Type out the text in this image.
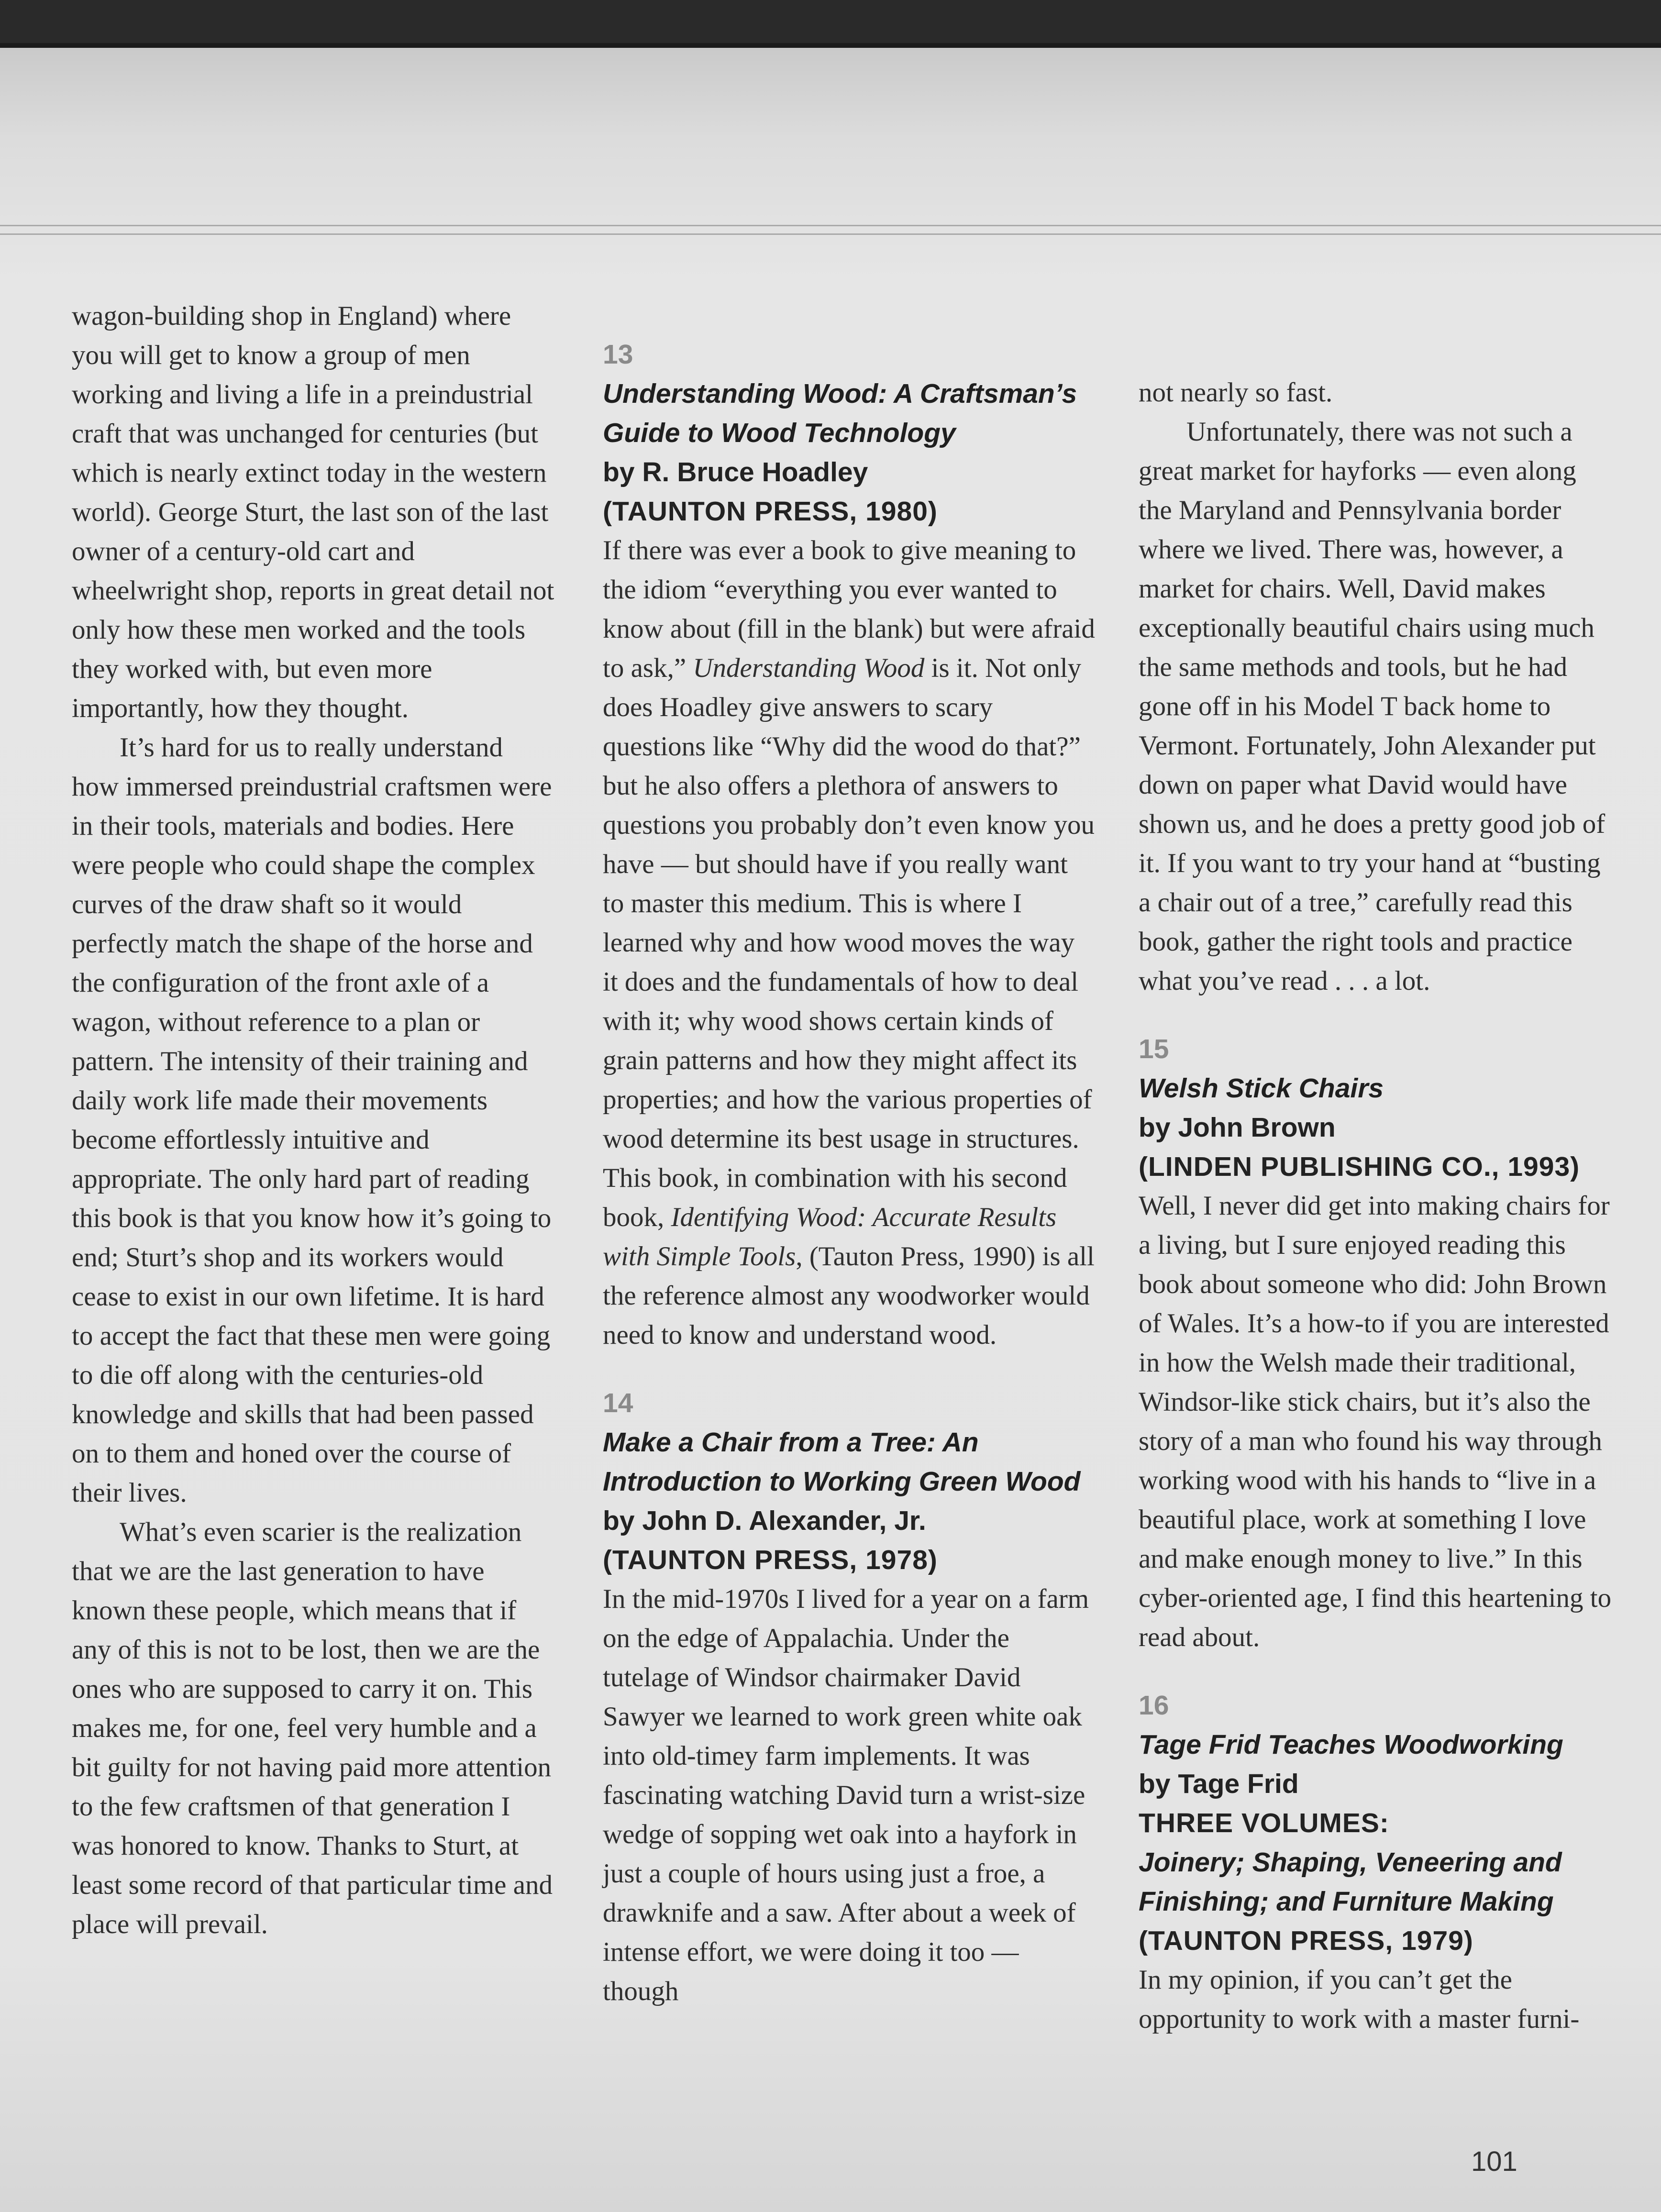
wagon-building shop in England) where you will get to know a group of men working and living a life in a preindustrial craft that was unchanged for centuries (but which is nearly extinct today in the western world). George Sturt, the last son of the last owner of a century-old cart and wheelwright shop, reports in great detail not only how these men worked and the tools they worked with, but even more importantly, how they thought.

It’s hard for us to really understand how immersed preindustrial craftsmen were in their tools, materials and bodies. Here were people who could shape the complex curves of the draw shaft so it would perfectly match the shape of the horse and the configuration of the front axle of a wagon, without reference to a plan or pattern. The intensity of their training and daily work life made their movements become effortlessly intuitive and appropriate. The only hard part of reading this book is that you know how it’s going to end; Sturt’s shop and its workers would cease to exist in our own lifetime. It is hard to accept the fact that these men were going to die off along with the centuries-old knowledge and skills that had been passed on to them and honed over the course of their lives.

What’s even scarier is the realization that we are the last generation to have known these people, which means that if any of this is not to be lost, then we are the ones who are supposed to carry it on. This makes me, for one, feel very humble and a bit guilty for not having paid more attention to the few craftsmen of that generation I was honored to know. Thanks to Sturt, at least some record of that particular time and place will prevail.

13

Understanding Wood: A Craftsman’s Guide to Wood Technology

by R. Bruce Hoadley

(TAUNTON PRESS, 1980)

If there was ever a book to give meaning to the idiom “everything you ever wanted to know about (fill in the blank) but were afraid to ask,” Understanding Wood is it. Not only does Hoadley give answers to scary questions like “Why did the wood do that?” but he also offers a plethora of answers to questions you probably don’t even know you have — but should have if you really want to master this medium. This is where I learned why and how wood moves the way it does and the fundamentals of how to deal with it; why wood shows certain kinds of grain patterns and how they might affect its properties; and how the various properties of wood determine its best usage in structures. This book, in combination with his second book, Identifying Wood: Accurate Results with Simple Tools, (Tauton Press, 1990) is all the reference almost any woodworker would need to know and understand wood.

14

Make a Chair from a Tree: An Introduction to Working Green Wood

by John D. Alexander, Jr.

(TAUNTON PRESS, 1978)

In the mid-1970s I lived for a year on a farm on the edge of Appalachia. Under the tutelage of Windsor chairmaker David Sawyer we learned to work green white oak into old-timey farm implements. It was fascinating watching David turn a wrist-size wedge of sopping wet oak into a hayfork in just a couple of hours using just a froe, a drawknife and a saw. After about a week of intense effort, we were doing it too — though

not nearly so fast.

Unfortunately, there was not such a great market for hayforks — even along the Maryland and Pennsylvania border where we lived. There was, however, a market for chairs. Well, David makes exceptionally beautiful chairs using much the same methods and tools, but he had gone off in his Model T back home to Vermont. Fortunately, John Alexander put down on paper what David would have shown us, and he does a pretty good job of it. If you want to try your hand at “busting a chair out of a tree,” carefully read this book, gather the right tools and practice what you’ve read . . . a lot.

15

Welsh Stick Chairs

by John Brown

(LINDEN PUBLISHING CO., 1993)

Well, I never did get into making chairs for a living, but I sure enjoyed reading this book about someone who did: John Brown of Wales. It’s a how-to if you are interested in how the Welsh made their traditional, Windsor-like stick chairs, but it’s also the story of a man who found his way through working wood with his hands to “live in a beautiful place, work at something I love and make enough money to live.” In this cyber-oriented age, I find this heartening to read about.

16

Tage Frid Teaches Woodworking

by Tage Frid

THREE VOLUMES:

Joinery; Shaping, Veneering and Finishing; and Furniture Making

(TAUNTON PRESS, 1979)

In my opinion, if you can’t get the opportunity to work with a master furni-

101
